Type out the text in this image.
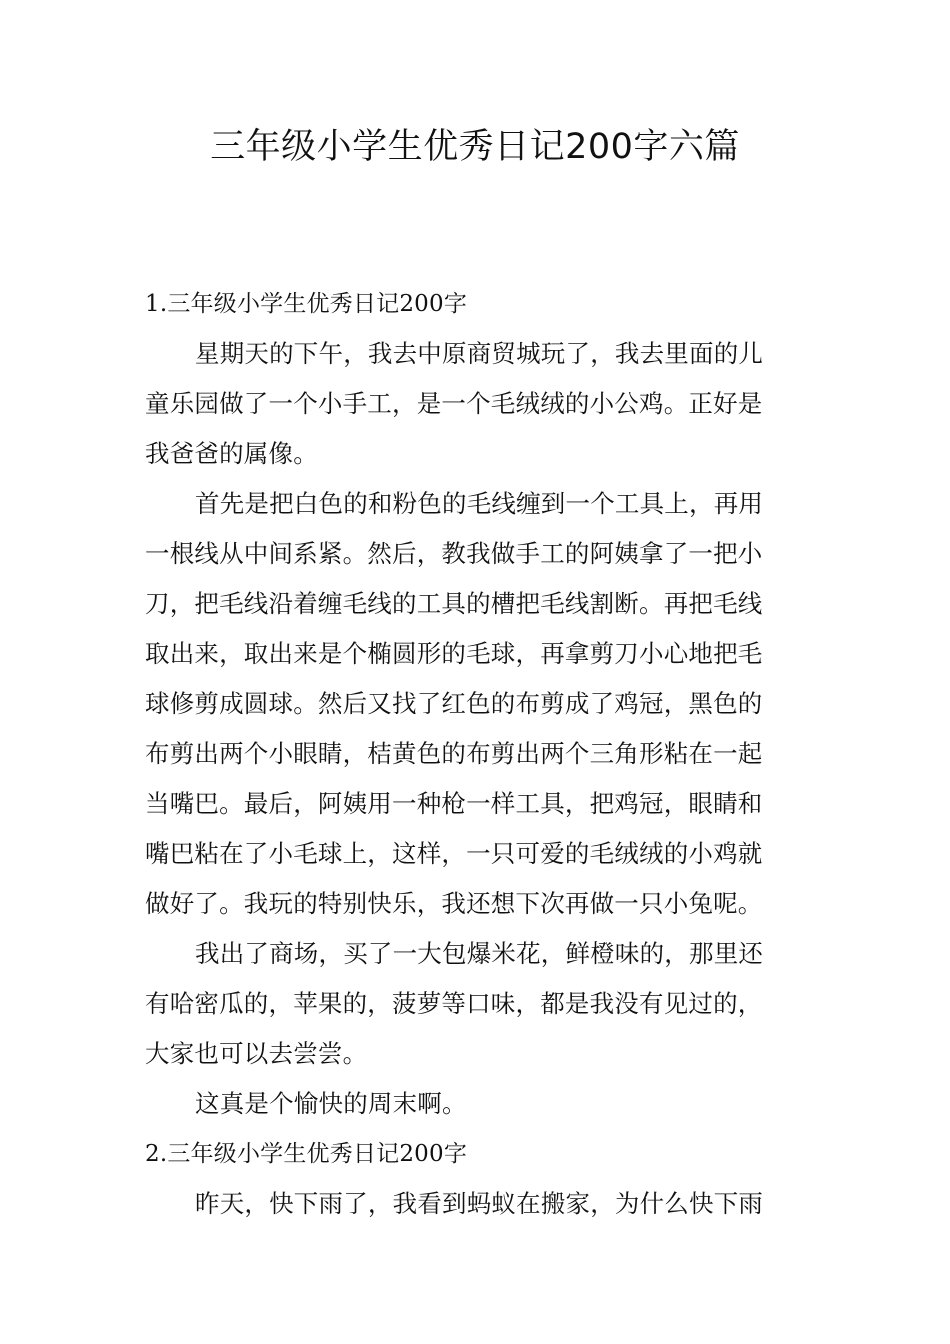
三年级小学生优秀日记200字六篇
1.三年级小学生优秀日记200字
星期天的下午，我去中原商贸城玩了，我去里面的儿
童乐园做了一个小手工，是一个毛绒绒的小公鸡。正好是
我爸爸的属像。
首先是把白色的和粉色的毛线缠到一个工具上，再用
一根线从中间系紧。然后，教我做手工的阿姨拿了一把小
刀，把毛线沿着缠毛线的工具的槽把毛线割断。再把毛线
取出来，取出来是个椭圆形的毛球，再拿剪刀小心地把毛
球修剪成圆球。然后又找了红色的布剪成了鸡冠，黑色的
布剪出两个小眼睛，桔黄色的布剪出两个三角形粘在一起
当嘴巴。最后，阿姨用一种枪一样工具，把鸡冠，眼睛和
嘴巴粘在了小毛球上，这样，一只可爱的毛绒绒的小鸡就
做好了。我玩的特别快乐，我还想下次再做一只小兔呢。
我出了商场，买了一大包爆米花，鲜橙味的，那里还
有哈密瓜的，苹果的，菠萝等口味，都是我没有见过的，
大家也可以去尝尝。
这真是个愉快的周末啊。
2.三年级小学生优秀日记200字
昨天，快下雨了，我看到蚂蚁在搬家，为什么快下雨
